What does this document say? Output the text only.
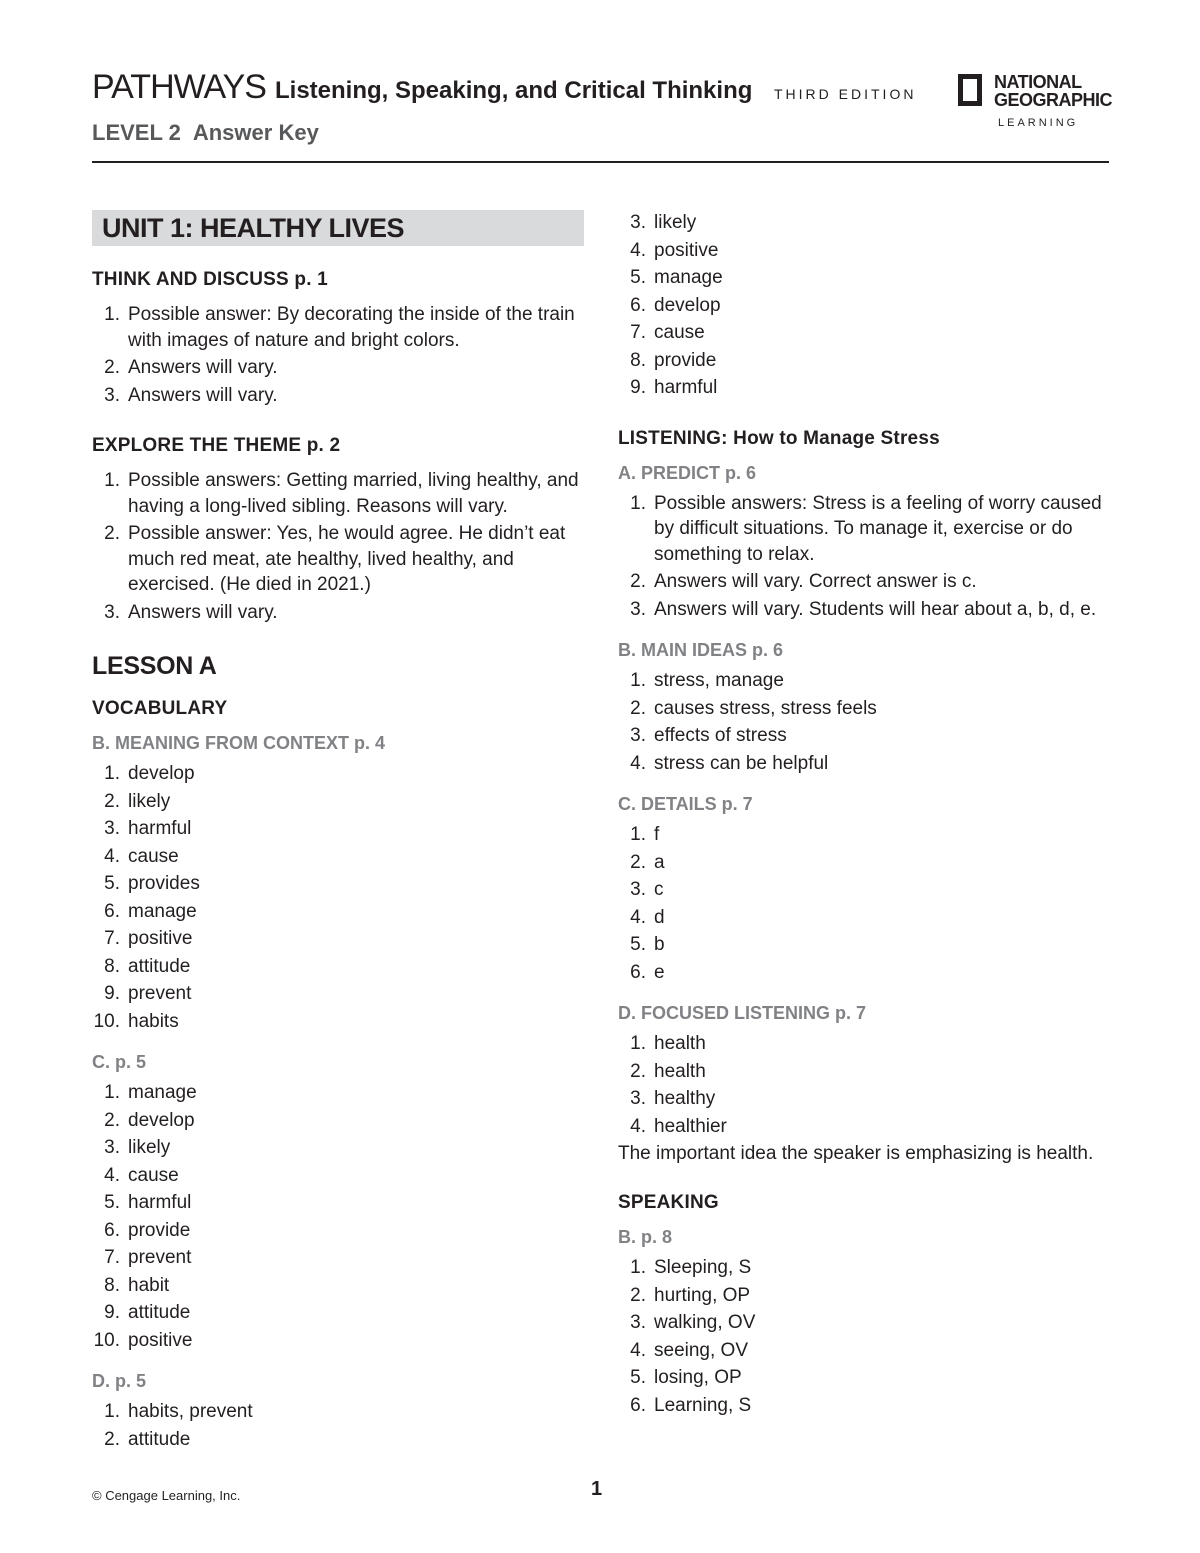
PATHWAYS Listening, Speaking, and Critical Thinking THIRD EDITION
LEVEL 2 Answer Key
NATIONAL
GEOGRAPHIC
LEARNING
UNIT 1: HEALTHY LIVES
THINK AND DISCUSS p. 1
1. Possible answer: By decorating the inside of the train with images of nature and bright colors.
2. Answers will vary.
3. Answers will vary.
EXPLORE THE THEME p. 2
1. Possible answers: Getting married, living healthy, and having a long-lived sibling. Reasons will vary.
2. Possible answer: Yes, he would agree. He didn’t eat much red meat, ate healthy, lived healthy, and exercised. (He died in 2021.)
3. Answers will vary.
LESSON A
VOCABULARY
B. MEANING FROM CONTEXT p. 4
1. develop
2. likely
3. harmful
4. cause
5. provides
6. manage
7. positive
8. attitude
9. prevent
10. habits
C. p. 5
1. manage
2. develop
3. likely
4. cause
5. harmful
6. provide
7. prevent
8. habit
9. attitude
10. positive
D. p. 5
1. habits, prevent
2. attitude
3. likely
4. positive
5. manage
6. develop
7. cause
8. provide
9. harmful
LISTENING: How to Manage Stress
A. PREDICT p. 6
1. Possible answers: Stress is a feeling of worry caused by difficult situations. To manage it, exercise or do something to relax.
2. Answers will vary. Correct answer is c.
3. Answers will vary. Students will hear about a, b, d, e.
B. MAIN IDEAS p. 6
1. stress, manage
2. causes stress, stress feels
3. effects of stress
4. stress can be helpful
C. DETAILS p. 7
1. f
2. a
3. c
4. d
5. b
6. e
D. FOCUSED LISTENING p. 7
1. health
2. health
3. healthy
4. healthier
The important idea the speaker is emphasizing is health.
SPEAKING
B. p. 8
1. Sleeping, S
2. hurting, OP
3. walking, OV
4. seeing, OV
5. losing, OP
6. Learning, S
© Cengage Learning, Inc.	1
